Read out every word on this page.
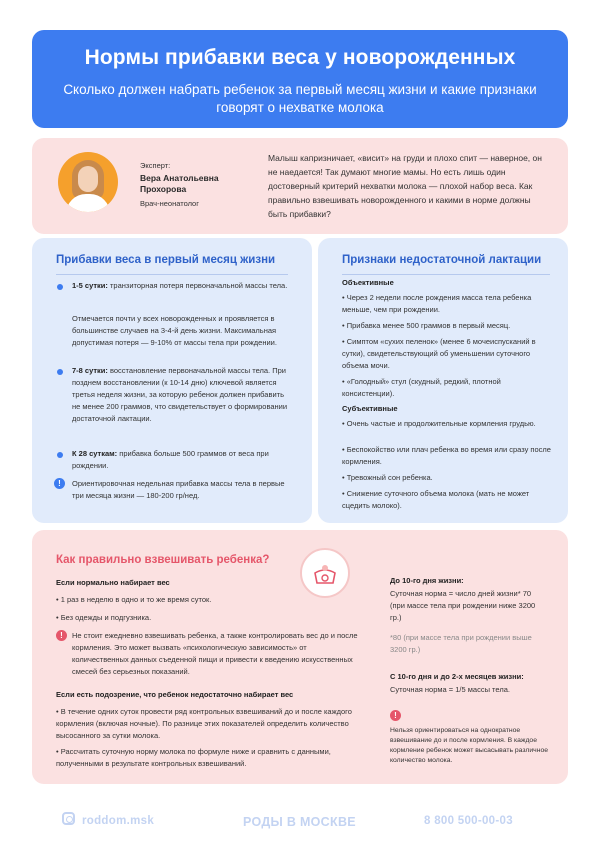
Нормы прибавки веса у новорожденных
Сколько должен набрать ребенок за первый месяц жизни и какие признаки говорят о нехватке молока
Эксперт:
Вера Анатольевна
Прохорова
Врач-неонатолог
Малыш капризничает, «висит» на груди и плохо спит — наверное, он не наедается! Так думают многие мамы. Но есть лишь один достоверный критерий нехватки молока — плохой набор веса. Как правильно взвешивать новорожденного и какими в норме должны быть прибавки?
Прибавки веса в первый месяц жизни
1-5 сутки: транзиторная потеря первоначальной массы тела.
Отмечается почти у всех новорожденных и проявляется в большинстве случаев на 3-4-й день жизни. Максимальная допустимая потеря — 9-10% от массы тела при рождении.
7-8 сутки: восстановление первоначальной массы тела. При позднем восстановлении (к 10-14 дню) ключевой является третья неделя жизни, за которую ребенок должен прибавить не менее 200 граммов, что свидетельствует о формировании достаточной лактации.
К 28 суткам: прибавка больше 500 граммов от веса при рождении.
!	Ориентировочная недельная прибавка массы тела в первые три месяца жизни — 180-200 гр/нед.
Признаки недостаточной лактации
Объективные
• Через 2 недели после рождения масса тела ребенка меньше, чем при рождении.
• Прибавка менее 500 граммов в первый месяц.
• Симптом «сухих пеленок» (менее 6 мочеиспусканий в сутки), свидетельствующий об уменьшении суточного объема мочи.
• «Голодный» стул (скудный, редкий, плотной консистенции).
Субъективные
• Очень частые и продолжительные кормления грудью.
• Беспокойство или плач ребенка во время или сразу после кормления.
• Тревожный сон ребенка.
• Снижение суточного объема молока (мать не может сцедить молоко).
Как правильно взвешивать ребенка?
Если нормально набирает вес
• 1 раз в неделю в одно и то же время суток.
• Без одежды и подгузника.
!	Не стоит ежедневно взвешивать ребенка, а также контролировать вес до и после кормления. Это может вызвать «психологическую зависимость» от количественных данных съеденной пищи и привести к введению искусственных смесей без серьезных показаний.
Если есть подозрение, что ребенок недостаточно набирает вес
• В течение одних суток провести ряд контрольных взвешиваний до и после каждого кормления (включая ночные). По разнице этих показателей определить количество высосанного за сутки молока.
• Рассчитать суточную норму молока по формуле ниже и сравнить с данными, полученными в результате контрольных взвешиваний.
До 10-го дня жизни:
Суточная норма = число дней жизни* 70 (при массе тела при рождении ниже 3200 гр.)
*80 (при массе тела при рождении выше 3200 гр.)
С 10-го дня и до 2-х месяцев жизни:
Суточная норма = 1/5 массы тела.
!
Нельзя ориентироваться на однократное взвешивание до и после кормления. В каждое кормление ребенок может высасывать различное количество молока.
roddom.msk	РОДЫ В МОСКВЕ	8 800 500-00-03
